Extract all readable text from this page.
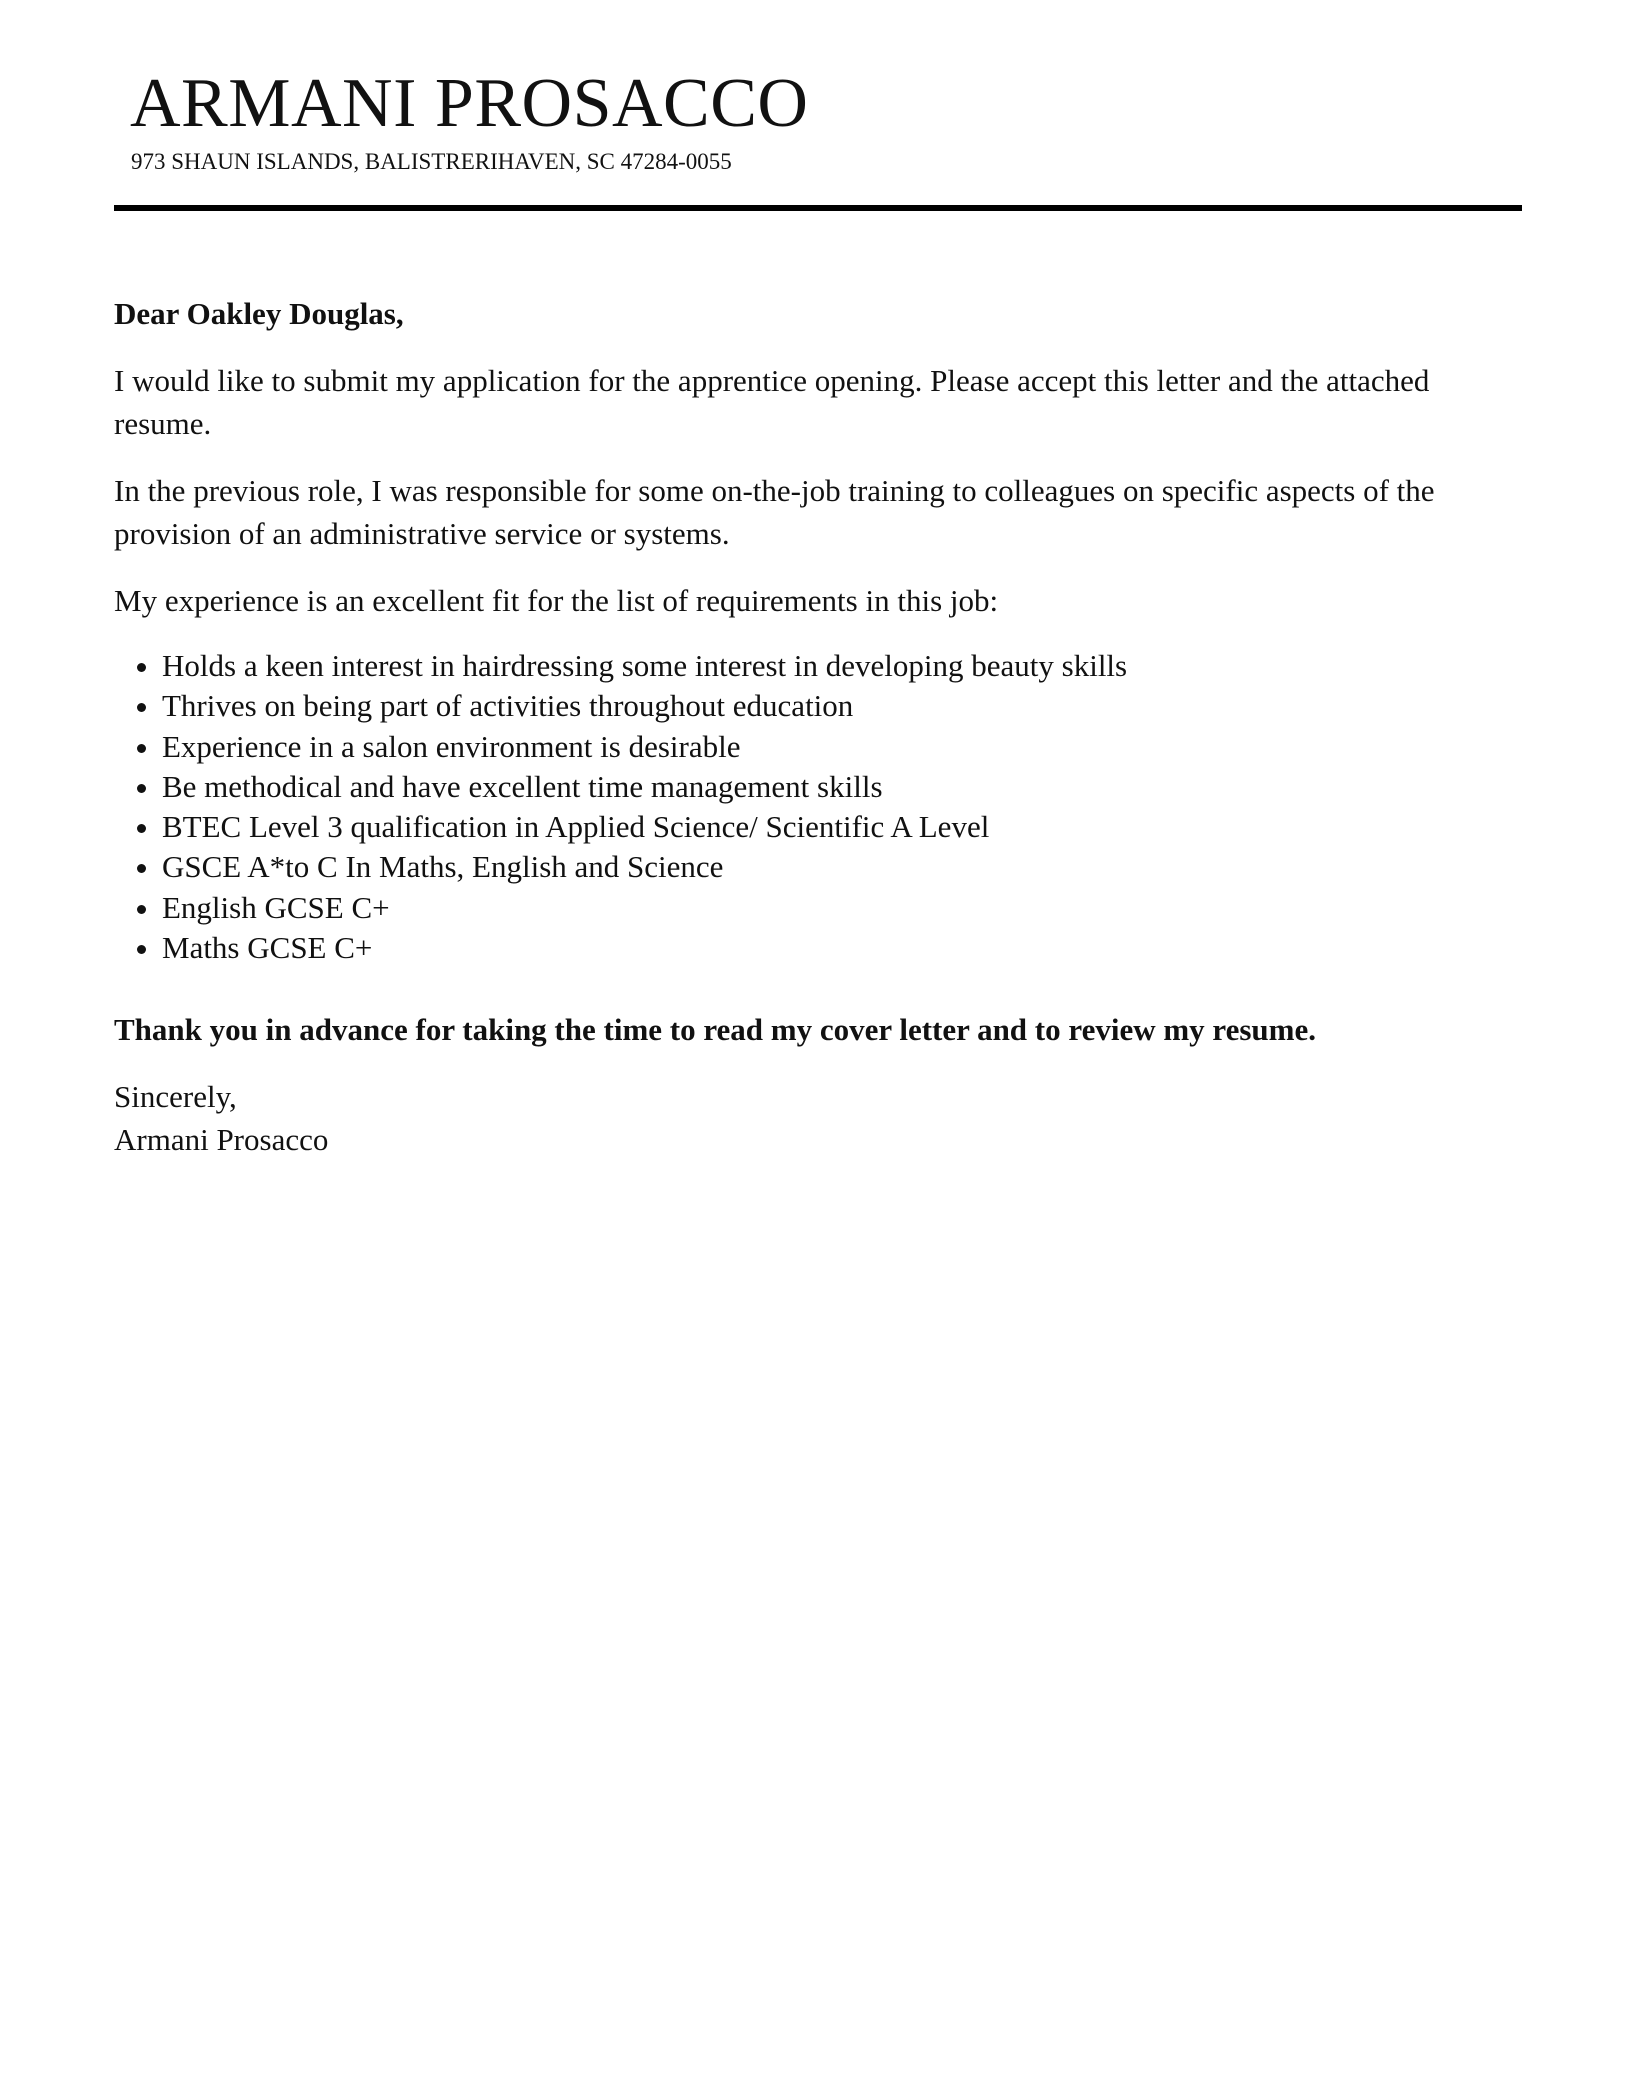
ARMANI PROSACCO
973 SHAUN ISLANDS, BALISTRERIHAVEN, SC 47284-0055

Dear Oakley Douglas,

I would like to submit my application for the apprentice opening. Please accept this letter and the attached resume.

In the previous role, I was responsible for some on-the-job training to colleagues on specific aspects of the provision of an administrative service or systems.

My experience is an excellent fit for the list of requirements in this job:

• Holds a keen interest in hairdressing some interest in developing beauty skills
• Thrives on being part of activities throughout education
• Experience in a salon environment is desirable
• Be methodical and have excellent time management skills
• BTEC Level 3 qualification in Applied Science/ Scientific A Level
• GSCE A*to C In Maths, English and Science
• English GCSE C+
• Maths GCSE C+

Thank you in advance for taking the time to read my cover letter and to review my resume.

Sincerely,
Armani Prosacco
